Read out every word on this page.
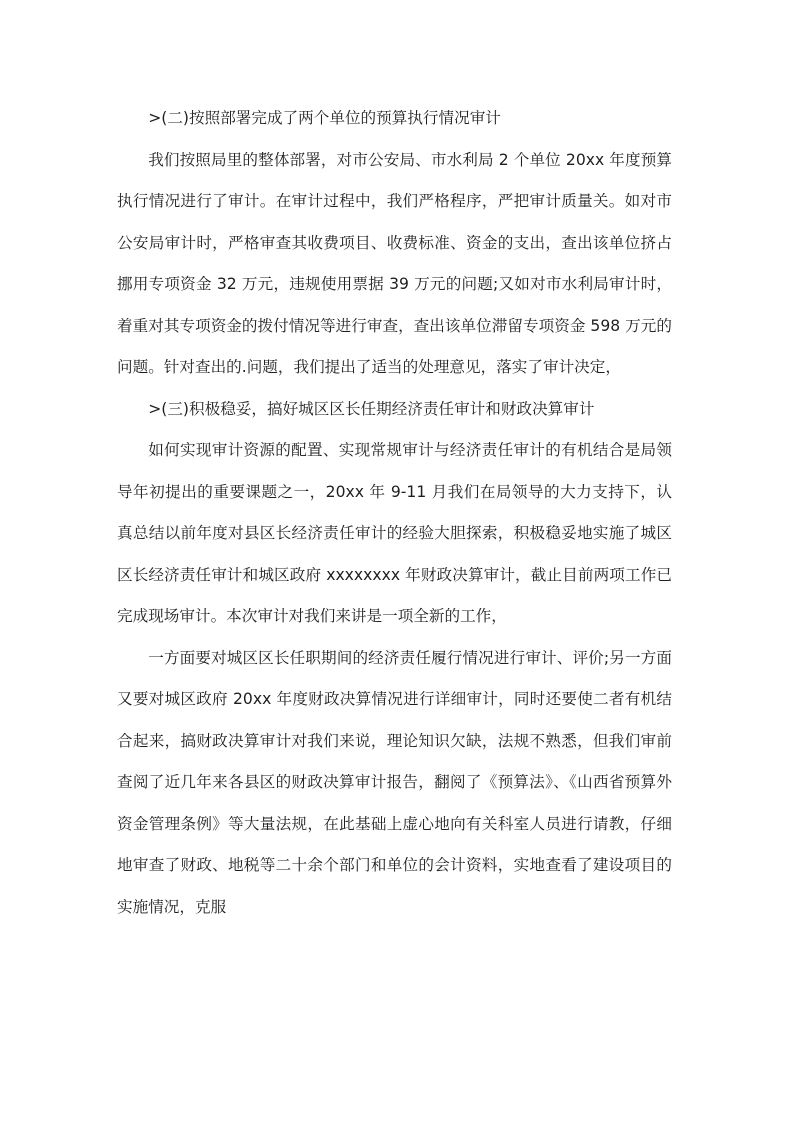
>(二)按照部署完成了两个单位的预算执行情况审计

我们按照局里的整体部署，对市公安局、市水利局 2 个单位 20xx 年度预算执行情况进行了审计。在审计过程中，我们严格程序，严把审计质量关。如对市公安局审计时，严格审查其收费项目、收费标准、资金的支出，查出该单位挤占挪用专项资金 32 万元，违规使用票据 39 万元的问题;又如对市水利局审计时，着重对其专项资金的拨付情况等进行审查，查出该单位滞留专项资金 598 万元的问题。针对查出的.问题，我们提出了适当的处理意见，落实了审计决定，

>(三)积极稳妥，搞好城区区长任期经济责任审计和财政决算审计

如何实现审计资源的配置、实现常规审计与经济责任审计的有机结合是局领导年初提出的重要课题之一，20xx 年 9-11 月我们在局领导的大力支持下，认真总结以前年度对县区长经济责任审计的经验大胆探索，积极稳妥地实施了城区区长经济责任审计和城区政府 xxxxxxxx 年财政决算审计，截止目前两项工作已完成现场审计。本次审计对我们来讲是一项全新的工作，

一方面要对城区区长任职期间的经济责任履行情况进行审计、评价;另一方面又要对城区政府 20xx 年度财政决算情况进行详细审计，同时还要使二者有机结合起来，搞财政决算审计对我们来说，理论知识欠缺，法规不熟悉，但我们审前查阅了近几年来各县区的财政决算审计报告，翻阅了《预算法》、《山西省预算外资金管理条例》等大量法规，在此基础上虚心地向有关科室人员进行请教，仔细地审查了财政、地税等二十余个部门和单位的会计资料，实地查看了建设项目的实施情况，克服
